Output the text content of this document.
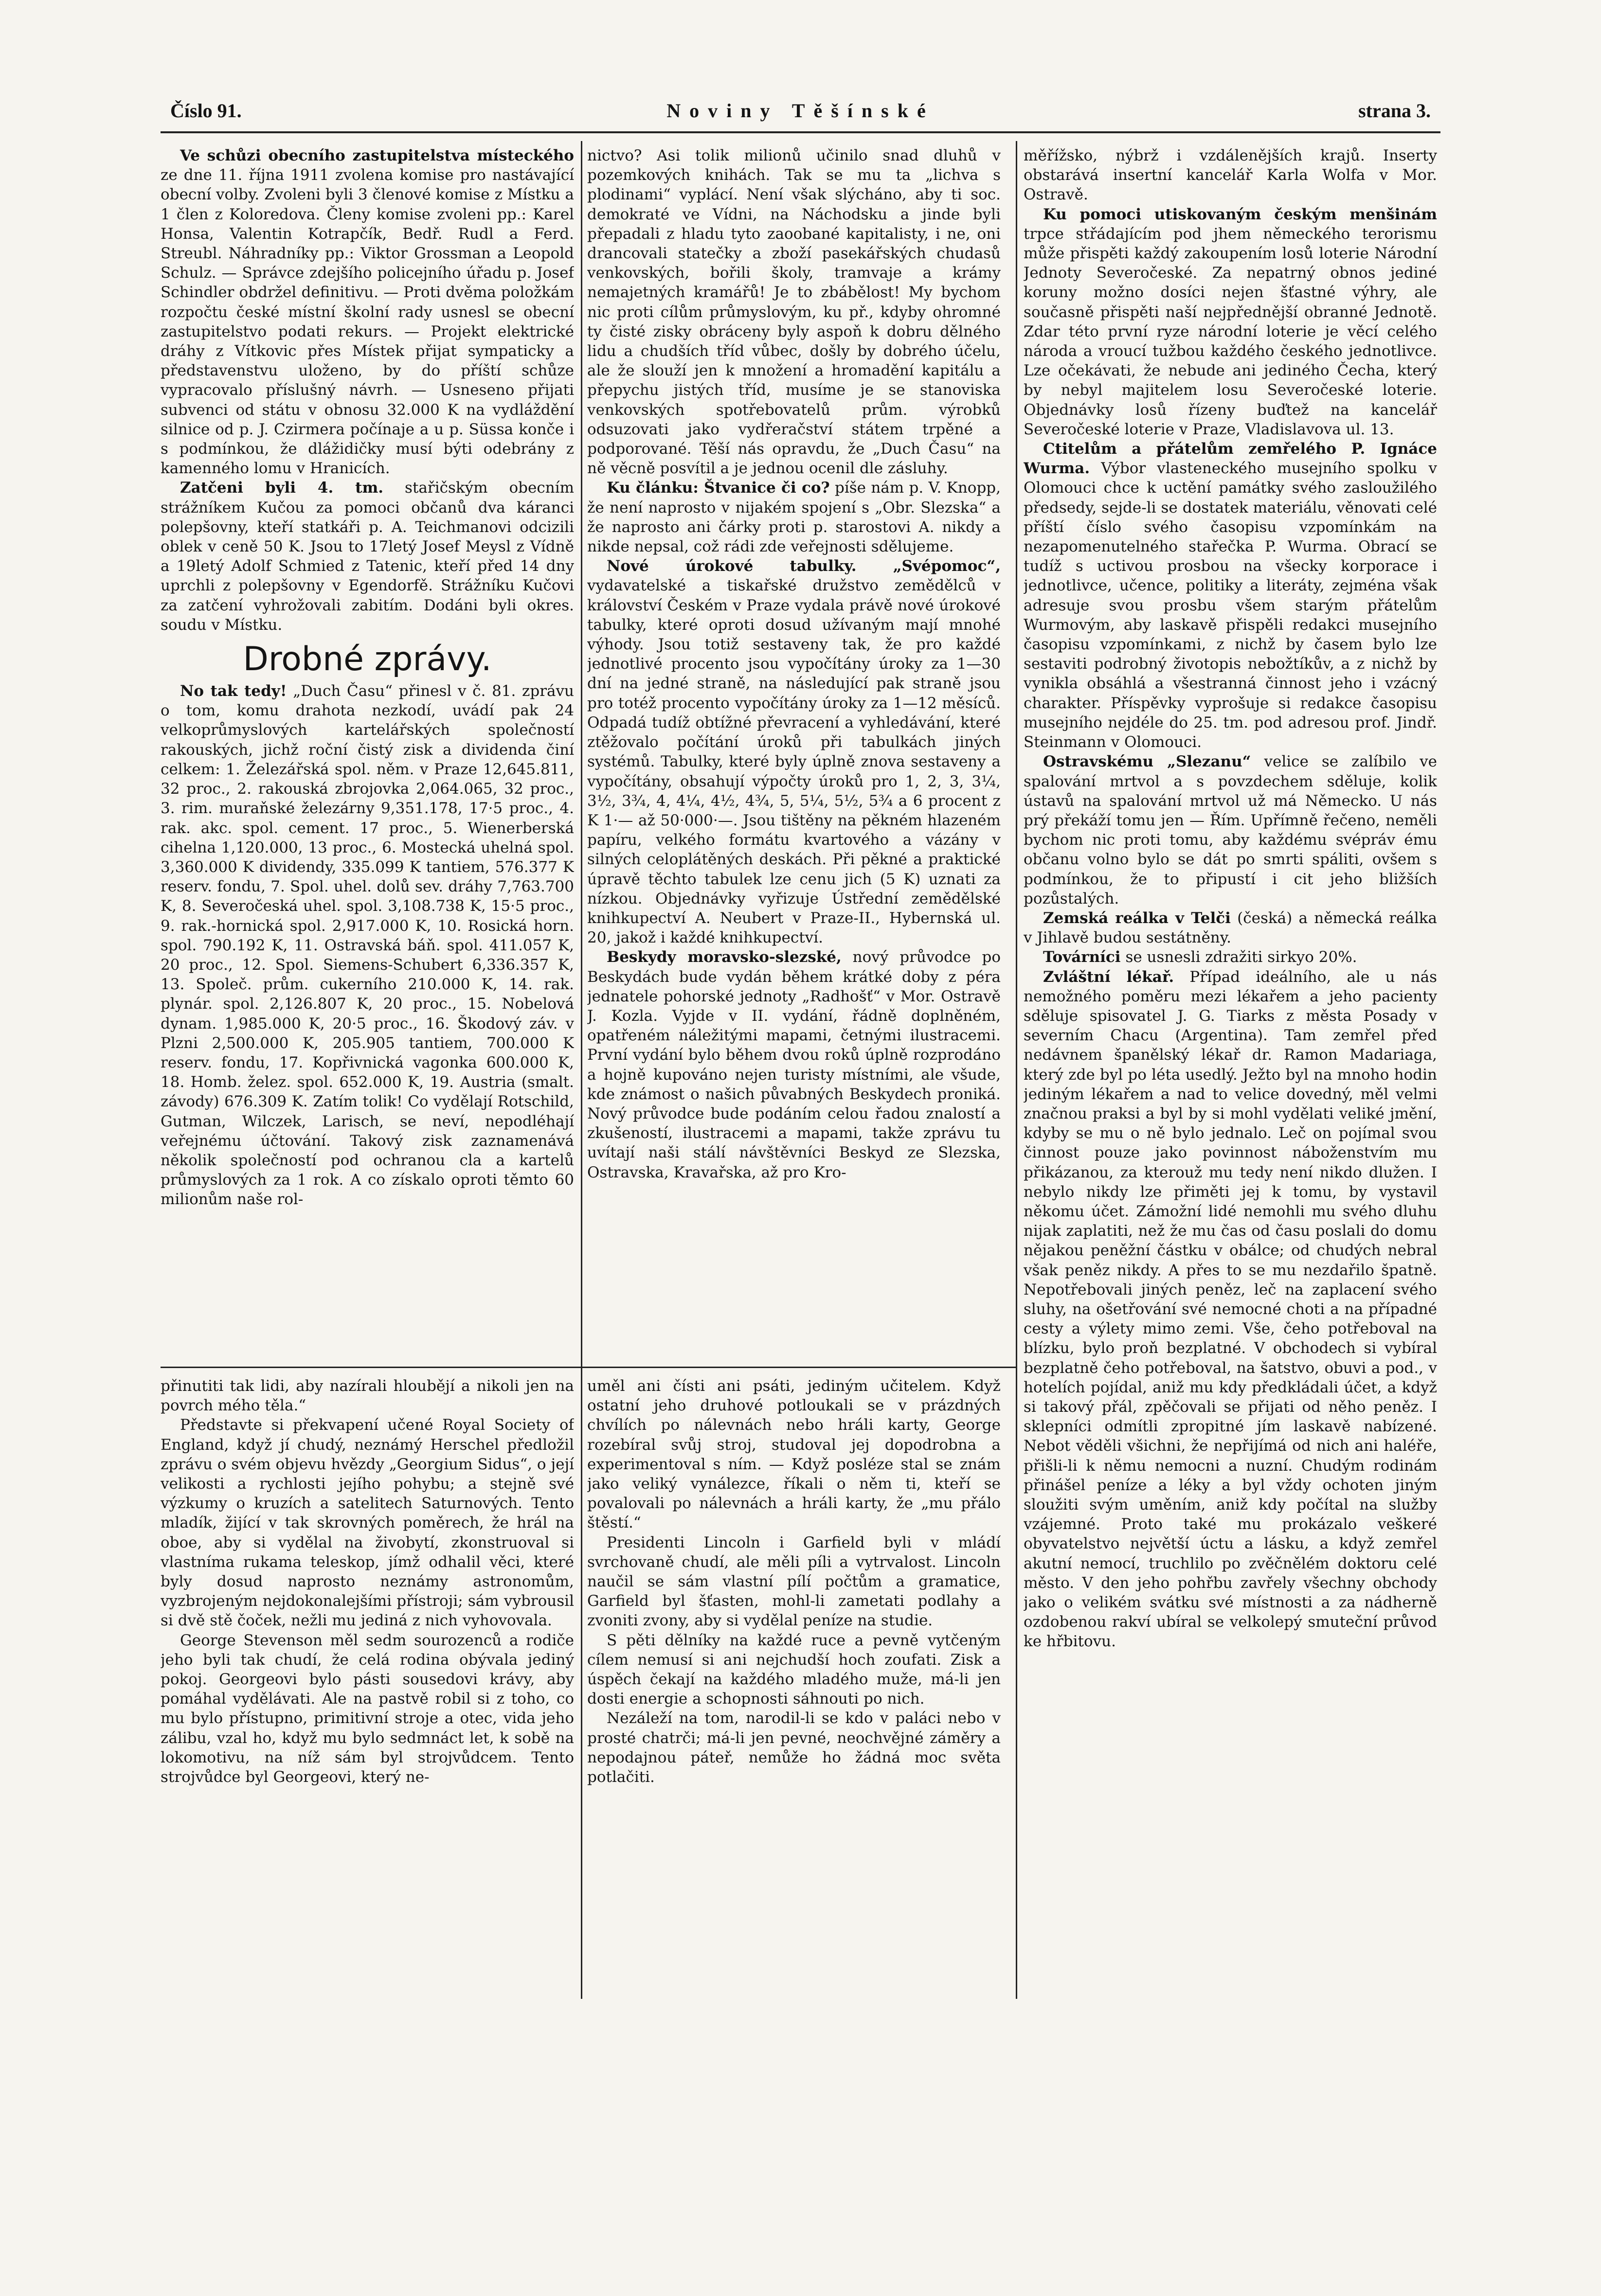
Číslo 91.	Noviny Těšínské	strana 3.

Ve schůzi obecního zastupitelstva místeckého ze dne 11. října 1911 zvolena komise pro nastávající obecní volby. Zvoleni byli 3 členové komise z Místku a 1 člen z Koloredova. Členy komise zvoleni pp.: Karel Honsa, Valentin Kotrapčík, Bedř. Rudl a Ferd. Streubl. Náhradníky pp.: Viktor Grossman a Leopold Schulz. — Správce zdejšího policejního úřadu p. Josef Schindler obdržel definitivu. — Proti dvěma položkám rozpočtu české místní školní rady usnesl se obecní zastupitelstvo podati rekurs. — Projekt elektrické dráhy z Vítkovic přes Místek přijat sympaticky a představenstvu uloženo, by do příští schůze vypracovalo příslušný návrh. — Usneseno přijati subvenci od státu v obnosu 32.000 K na vydláždění silnice od p. J. Czirmera počínaje a u p. Süssa konče i s podmínkou, že dlážidičky musí býti odebrány z kamenného lomu v Hranicích.

Zatčeni byli 4. tm. stařičským obecním strážníkem Kučou za pomoci občanů dva káranci polepšovny, kteří statkáři p. A. Teichmanovi odcizili oblek v ceně 50 K. Jsou to 17letý Josef Meysl z Vídně a 19letý Adolf Schmied z Tatenic, kteří před 14 dny uprchli z polepšovny v Egendorfě. Strážníku Kučovi za zatčení vyhrožovali zabitím. Dodáni byli okres. soudu v Místku.

Drobné zprávy.

No tak tedy! „Duch Času“ přinesl v č. 81. zprávu o tom, komu drahota nezkodí, uvádí pak 24 velkoprůmyslových kartelářských společností rakouských, jichž roční čistý zisk a dividenda činí celkem: 1. Železářská spol. něm. v Praze 12,645.811, 32 proc., 2. rakouská zbrojovka 2,064.065, 32 proc., 3. rim. muraňské železárny 9,351.178, 17·5 proc., 4. rak. akc. spol. cement. 17 proc., 5. Wienerberská cihelna 1,120.000, 13 proc., 6. Mostecká uhelná spol. 3,360.000 K dividendy, 335.099 K tantiem, 576.377 K reserv. fondu, 7. Spol. uhel. dolů sev. dráhy 7,763.700 K, 8. Severočeská uhel. spol. 3,108.738 K, 15·5 proc., 9. rak.-hornická spol. 2,917.000 K, 10. Rosická horn. spol. 790.192 K, 11. Ostravská báň. spol. 411.057 K, 20 proc., 12. Spol. Siemens-Schubert 6,336.357 K, 13. Společ. prům. cukerního 210.000 K, 14. rak. plynár. spol. 2,126.807 K, 20 proc., 15. Nobelová dynam. 1,985.000 K, 20·5 proc., 16. Škodový záv. v Plzni 2,500.000 K, 205.905 tantiem, 700.000 K reserv. fondu, 17. Kopřivnická vagonka 600.000 K, 18. Homb. želez. spol. 652.000 K, 19. Austria (smalt. závody) 676.309 K. Zatím tolik! Co vydělají Rotschild, Gutman, Wilczek, Larisch, se neví, nepodléhají veřejnému účtování. Takový zisk zaznamenává několik společností pod ochranou cla a kartelů průmyslových za 1 rok. A co získalo oproti těmto 60 milionům naše rol-

nictvo? Asi tolik milionů učinilo snad dluhů v pozemkových knihách. Tak se mu ta „lichva s plodinami“ vyplácí. Není však slýcháno, aby ti soc. demokraté ve Vídni, na Náchodsku a jinde byli přepadali z hladu tyto zaoobané kapitalisty, i ne, oni drancovali statečky a zboží pasekářských chudasů venkovských, bořili školy, tramvaje a krámy nemajetných kramářů! Je to zbábělost! My bychom nic proti cílům průmyslovým, ku př., kdyby ohromné ty čisté zisky obráceny byly aspoň k dobru dělného lidu a chudších tříd vůbec, došly by dobrého účelu, ale že slouží jen k množení a hromadění kapitálu a přepychu jistých tříd, musíme je se stanoviska venkovských spotřebovatelů prům. výrobků odsuzovati jako vydřeračství státem trpěné a podporované. Těší nás opravdu, že „Duch Času“ na ně věcně posvítil a je jednou ocenil dle zásluhy.

Ku článku: Štvanice či co? píše nám p. V. Knopp, že není naprosto v nijakém spojení s „Obr. Slezska“ a že naprosto ani čárky proti p. starostovi A. nikdy a nikde nepsal, což rádi zde veřejnosti sdělujeme.

Nové úrokové tabulky. „Svépomoc“, vydavatelské a tiskařské družstvo zemědělců v království Českém v Praze vydala právě nové úrokové tabulky, které oproti dosud užívaným mají mnohé výhody. Jsou totiž sestaveny tak, že pro každé jednotlivé procento jsou vypočítány úroky za 1—30 dní na jedné straně, na následující pak straně jsou pro totéž procento vypočítány úroky za 1—12 měsíců. Odpadá tudíž obtížné převracení a vyhledávání, které ztěžovalo počítání úroků při tabulkách jiných systémů. Tabulky, které byly úplně znova sestaveny a vypočítány, obsahují výpočty úroků pro 1, 2, 3, 3¼, 3½, 3¾, 4, 4¼, 4½, 4¾, 5, 5¼, 5½, 5¾ a 6 procent z K 1·— až 50·000·—. Jsou tištěny na pěkném hlazeném papíru, velkého formátu kvartového a vázány v silných celoplátěných deskách. Při pěkné a praktické úpravě těchto tabulek lze cenu jich (5 K) uznati za nízkou. Objednávky vyřizuje Ústřední zemědělské knihkupectví A. Neubert v Praze-II., Hybernská ul. 20, jakož i každé knihkupectví.

Beskydy moravsko-slezské, nový průvodce po Beskydách bude vydán během krátké doby z péra jednatele pohorské jednoty „Radhošť“ v Mor. Ostravě J. Kozla. Vyjde v II. vydání, řádně doplněném, opatřeném náležitými mapami, četnými ilustracemi. První vydání bylo během dvou roků úplně rozprodáno a hojně kupováno nejen turisty místními, ale všude, kde známost o našich půvabných Beskydech proniká. Nový průvodce bude podáním celou řadou znalostí a zkušeností, ilustracemi a mapami, takže zprávu tu uvítají naši stálí návštěvníci Beskyd ze Slezska, Ostravska, Kravařska, až pro Kro-

měřížsko, nýbrž i vzdálenějších krajů. Inserty obstarává insertní kancelář Karla Wolfa v Mor. Ostravě.

Ku pomoci utiskovaným českým menšinám trpce střádajícím pod jhem německého terorismu může přispěti každý zakoupením losů loterie Národní Jednoty Severočeské. Za nepatrný obnos jediné koruny možno dosíci nejen šťastné výhry, ale současně přispěti naší nejpřednější obranné Jednotě. Zdar této první ryze národní loterie je věcí celého národa a vroucí tužbou každého českého jednotlivce. Lze očekávati, že nebude ani jediného Čecha, který by nebyl majitelem losu Severočeské loterie. Objednávky losů řízeny buďtež na kancelář Severočeské loterie v Praze, Vladislavova ul. 13.

Ctitelům a přátelům zemřelého P. Ignáce Wurma. Výbor vlasteneckého musejního spolku v Olomouci chce k uctění památky svého zasloužilého předsedy, sejde-li se dostatek materiálu, věnovati celé příští číslo svého časopisu vzpomínkám na nezapomenutelného stařečka P. Wurma. Obrací se tudíž s uctivou prosbou na všecky korporace i jednotlivce, učence, politiky a literáty, zejména však adresuje svou prosbu všem starým přátelům Wurmovým, aby laskavě přispěli redakci musejního časopisu vzpomínkami, z nichž by časem bylo lze sestaviti podrobný životopis nebožtíkův, a z nichž by vynikla obsáhlá a všestranná činnost jeho i vzácný charakter. Příspěvky vyprošuje si redakce časopisu musejního nejdéle do 25. tm. pod adresou prof. Jindř. Steinmann v Olomouci.

Ostravskému „Slezanu“ velice se zalíbilo ve spalování mrtvol a s povzdechem sděluje, kolik ústavů na spalování mrtvol už má Německo. U nás prý překáží tomu jen — Řím. Upřímně řečeno, neměli bychom nic proti tomu, aby každému svépráv ému občanu volno bylo se dát po smrti spáliti, ovšem s podmínkou, že to připustí i cit jeho bližších pozůstalých.

Zemská reálka v Telči (česká) a německá reálka v Jihlavě budou sestátněny.

Továrníci se usnesli zdražiti sirkyo 20%.

Zvláštní lékař. Případ ideálního, ale u nás nemožného poměru mezi lékařem a jeho pacienty sděluje spisovatel J. G. Tiarks z města Posady v severním Chacu (Argentina). Tam zemřel před nedávnem španělský lékař dr. Ramon Madariaga, který zde byl po léta usedlý. Ježto byl na mnoho hodin jediným lékařem a nad to velice dovedný, měl velmi značnou praksi a byl by si mohl vydělati veliké jmění, kdyby se mu o ně bylo jednalo. Leč on pojímal svou činnost pouze jako povinnost náboženstvím mu přikázanou, za kterouž mu tedy není nikdo dlužen. I nebylo nikdy lze přiměti jej k tomu, by vystavil někomu účet. Zámožní lidé nemohli mu svého dluhu nijak zaplatiti, než že mu čas od času poslali do domu nějakou peněžní částku v obálce; od chudých nebral však peněz nikdy. A přes to se mu nezdařilo špatně. Nepotřebovali jiných peněz, leč na zaplacení svého sluhy, na ošetřování své nemocné choti a na případné cesty a výlety mimo zemi. Vše, čeho potřeboval na blízku, bylo proň bezplatné. V obchodech si vybíral bezplatně čeho potřeboval, na šatstvo, obuvi a pod., v hotelích pojídal, aniž mu kdy předkládali účet, a když si takový přál, zpěčovali se přijati od něho peněz. I sklepníci odmítli zpropitné jím laskavě nabízené. Nebot věděli všichni, že nepřijímá od nich ani haléře, přišli-li k němu nemocni a nuzní. Chudým rodinám přinášel peníze a léky a byl vždy ochoten jiným sloužiti svým uměním, aniž kdy počítal na služby vzájemné. Proto také mu prokázalo veškeré obyvatelstvo největší úctu a lásku, a když zemřel akutní nemocí, truchlilo po zvěčnělém doktoru celé město. V den jeho pohřbu zavřely všechny obchody jako o velikém svátku své místnosti a za nádherně ozdobenou rakví ubíral se velkolepý smuteční průvod ke hřbitovu.

přinutiti tak lidi, aby nazírali hloubějí a nikoli jen na povrch mého těla.“

Představte si překvapení učené Royal Society of England, když jí chudý, neznámý Herschel předložil zprávu o svém objevu hvězdy „Georgium Sidus“, o její velikosti a rychlosti jejího pohybu; a stejně své výzkumy o kruzích a satelitech Saturnových. Tento mladík, žijící v tak skrovných poměrech, že hrál na oboe, aby si vydělal na živobytí, zkonstruoval si vlastníma rukama teleskop, jímž odhalil věci, které byly dosud naprosto neznámy astronomům, vyzbrojeným nejdokonalejšími přístroji; sám vybrousil si dvě stě čoček, nežli mu jediná z nich vyhovovala.

George Stevenson měl sedm sourozenců a rodiče jeho byli tak chudí, že celá rodina obývala jediný pokoj. Georgeovi bylo pásti sousedovi krávy, aby pomáhal vydělávati. Ale na pastvě robil si z toho, co mu bylo přístupno, primitivní stroje a otec, vida jeho zálibu, vzal ho, když mu bylo sedmnáct let, k sobě na lokomotivu, na níž sám byl strojvůdcem. Tento strojvůdce byl Georgeovi, který ne-

uměl ani čísti ani psáti, jediným učitelem. Když ostatní jeho druhové potloukali se v prázdných chvílích po nálevnách nebo hráli karty, George rozebíral svůj stroj, studoval jej dopodrobna a experimentoval s ním. — Když posléze stal se znám jako veliký vynálezce, říkali o něm ti, kteří se povalovali po nálevnách a hráli karty, že „mu přálo štěstí.“

Presidenti Lincoln i Garfield byli v mládí svrchovaně chudí, ale měli píli a vytrvalost. Lincoln naučil se sám vlastní pílí počtům a gramatice, Garfield byl šťasten, mohl-li zametati podlahy a zvoniti zvony, aby si vydělal peníze na studie.

S pěti dělníky na každé ruce a pevně vytčeným cílem nemusí si ani nejchudší hoch zoufati. Zisk a úspěch čekají na každého mladého muže, má-li jen dosti energie a schopnosti sáhnouti po nich.

Nezáleží na tom, narodil-li se kdo v paláci nebo v prosté chatrči; má-li jen pevné, neochvějné záměry a nepodajnou páteř, nemůže ho žádná moc světa potlačiti.
